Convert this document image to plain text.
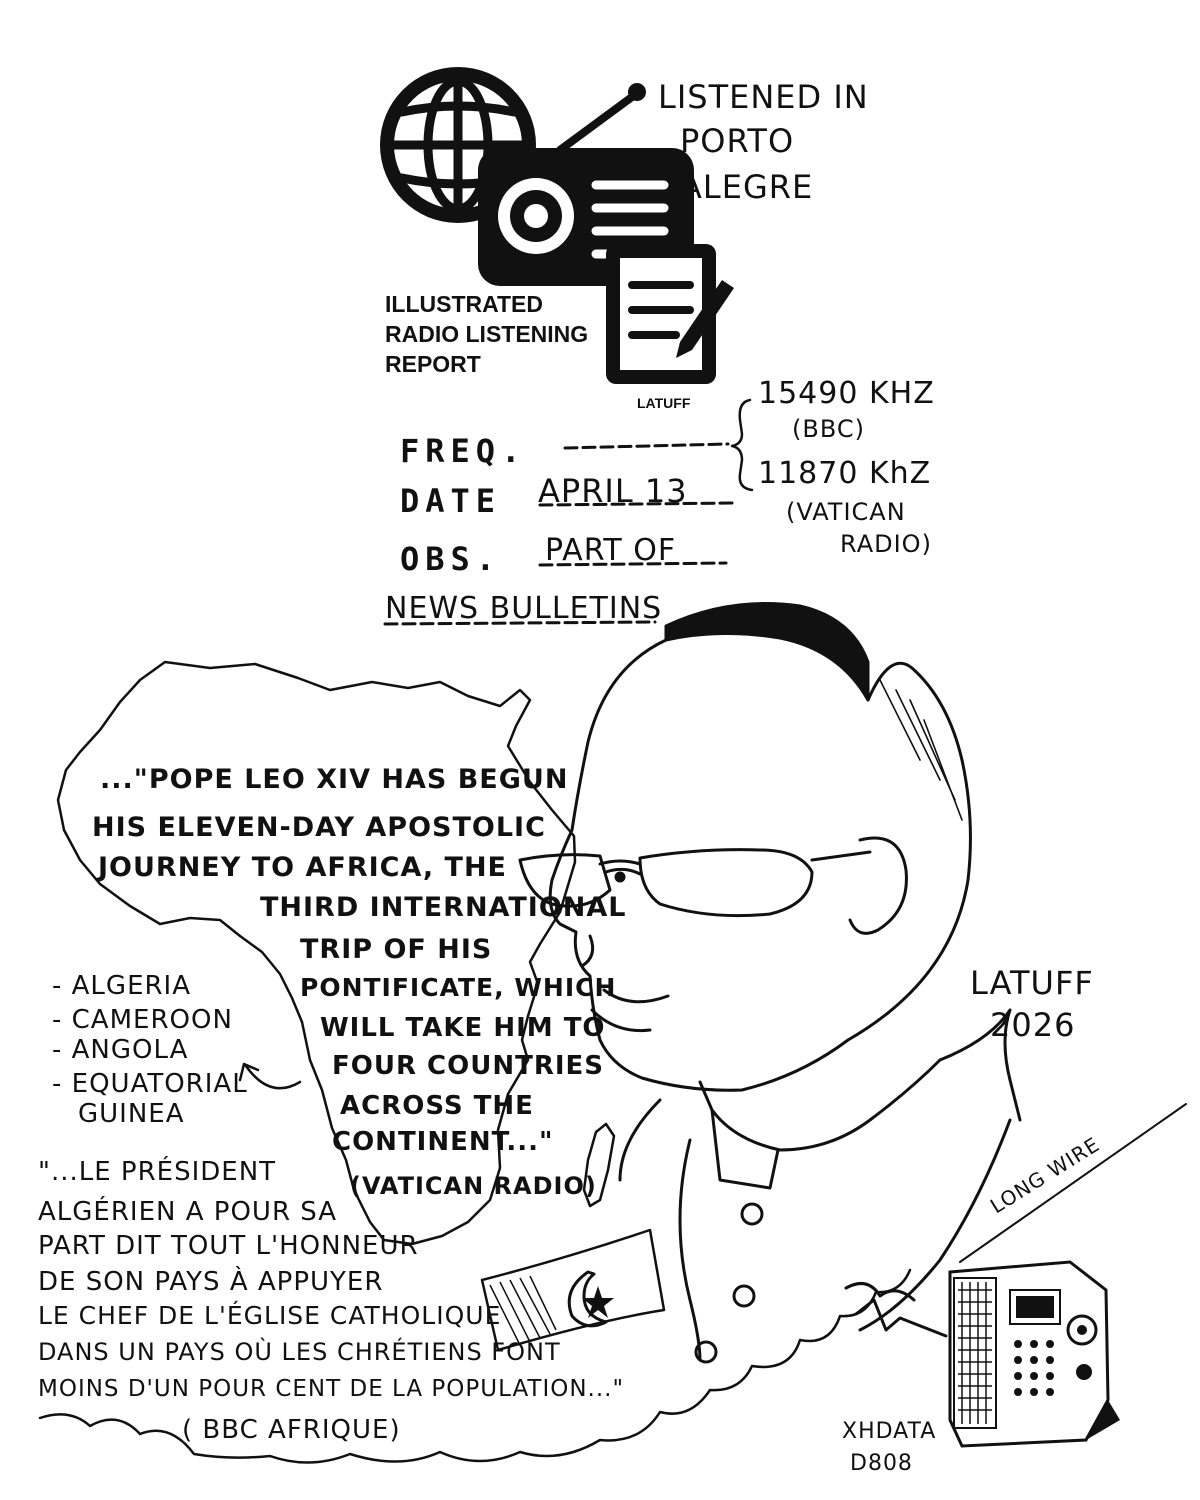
ILLUSTRATED
RADIO LISTENING
REPORT
LATUFF
LISTENED IN
PORTO
ALEGRE
FREQ.
DATE
OBS.
APRIL 13
PART OF
NEWS BULLETINS
15490 KHZ
(BBC)
11870 KhZ
(VATICAN
RADIO)
..."POPE LEO XIV HAS BEGUN
HIS ELEVEN-DAY APOSTOLIC
JOURNEY TO AFRICA, THE
THIRD INTERNATIONAL
TRIP OF HIS
PONTIFICATE, WHICH
WILL TAKE HIM TO
FOUR COUNTRIES
ACROSS THE
CONTINENT..."
(VATICAN RADIO)
- ALGERIA
- CAMEROON
- ANGOLA
- EQUATORIAL
GUINEA
"...LE PRÉSIDENT
ALGÉRIEN A POUR SA
PART DIT TOUT L'HONNEUR
DE SON PAYS À APPUYER
LE CHEF DE L'ÉGLISE CATHOLIQUE
DANS UN PAYS OÙ LES CHRÉTIENS FONT
MOINS D'UN POUR CENT DE LA POPULATION..."
( BBC AFRIQUE)
LATUFF
2026
LONG WIRE
XHDATA
D808
